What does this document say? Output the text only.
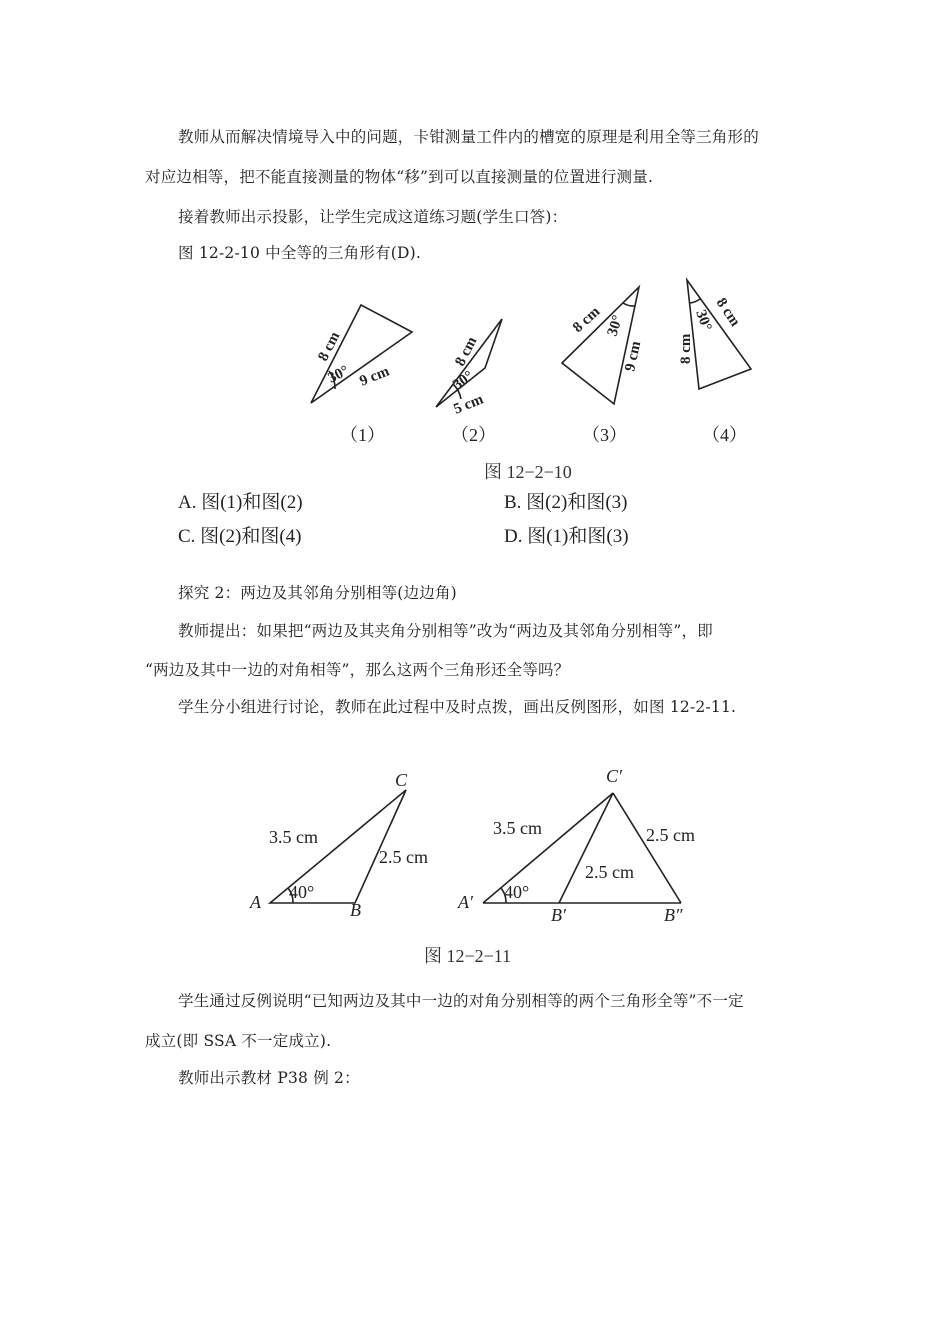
教师从而解决情境导入中的问题，卡钳测量工件内的槽宽的原理是利用全等三角形的
对应边相等，把不能直接测量的物体“移”到可以直接测量的位置进行测量.
接着教师出示投影，让学生完成这道练习题(学生口答)：
图 12-2-10 中全等的三角形有(D).
8 cm
30° 9 cm
8 cm
30°
5 cm
8 cm 30°
9 cm
8 cm
30°
8 cm
（1）	（2）	（3）	（4）
图 12−2−10
A. 图(1)和图(2)	B. 图(2)和图(3)
C. 图(2)和图(4)	D. 图(1)和图(3)
探究 2：两边及其邻角分别相等(边边角)
教师提出：如果把“两边及其夹角分别相等”改为“两边及其邻角分别相等”，即
“两边及其中一边的对角相等”，那么这两个三角形还全等吗？
学生分小组进行讨论，教师在此过程中及时点拨，画出反例图形，如图 12-2-11.
A	B
C
3.5 cm
2.5 cm
40°	A′
B′	B″
C′
3.5 cm
2.5 cm
2.5 cm
40°
图 12−2−11
学生通过反例说明“已知两边及其中一边的对角分别相等的两个三角形全等”不一定
成立(即 SSA 不一定成立).
教师出示教材 P38 例 2：
